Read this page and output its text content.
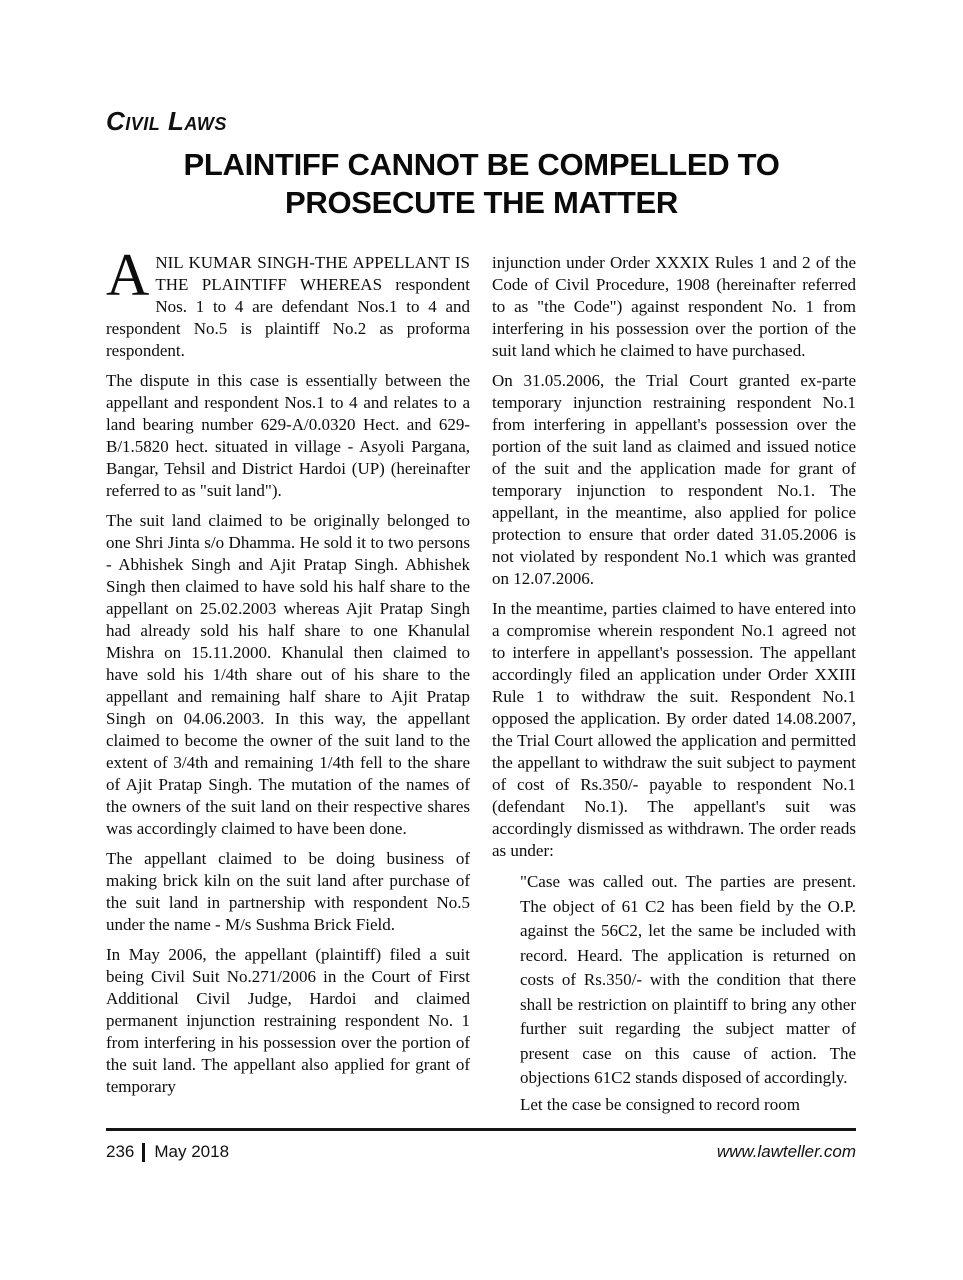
Civil Laws
PLAINTIFF CANNOT BE COMPELLED TO
PROSECUTE THE MATTER

ANIL KUMAR SINGH-THE APPELLANT IS THE PLAINTIFF WHEREAS respondent Nos. 1 to 4 are defendant Nos.1 to 4 and respondent No.5 is plaintiff No.2 as proforma respondent.

The dispute in this case is essentially between the appellant and respondent Nos.1 to 4 and relates to a land bearing number 629-A/0.0320 Hect. and 629-B/1.5820 hect. situated in village - Asyoli Pargana, Bangar, Tehsil and District Hardoi (UP) (hereinafter referred to as "suit land").

The suit land claimed to be originally belonged to one Shri Jinta s/o Dhamma. He sold it to two persons - Abhishek Singh and Ajit Pratap Singh. Abhishek Singh then claimed to have sold his half share to the appellant on 25.02.2003 whereas Ajit Pratap Singh had already sold his half share to one Khanulal Mishra on 15.11.2000. Khanulal then claimed to have sold his 1/4th share out of his share to the appellant and remaining half share to Ajit Pratap Singh on 04.06.2003. In this way, the appellant claimed to become the owner of the suit land to the extent of 3/4th and remaining 1/4th fell to the share of Ajit Pratap Singh. The mutation of the names of the owners of the suit land on their respective shares was accordingly claimed to have been done.

The appellant claimed to be doing business of making brick kiln on the suit land after purchase of the suit land in partnership with respondent No.5 under the name - M/s Sushma Brick Field.

In May 2006, the appellant (plaintiff) filed a suit being Civil Suit No.271/2006 in the Court of First Additional Civil Judge, Hardoi and claimed permanent injunction restraining respondent No. 1 from interfering in his possession over the portion of the suit land. The appellant also applied for grant of temporary

injunction under Order XXXIX Rules 1 and 2 of the Code of Civil Procedure, 1908 (hereinafter referred to as "the Code") against respondent No. 1 from interfering in his possession over the portion of the suit land which he claimed to have purchased.

On 31.05.2006, the Trial Court granted ex-parte temporary injunction restraining respondent No.1 from interfering in appellant's possession over the portion of the suit land as claimed and issued notice of the suit and the application made for grant of temporary injunction to respondent No.1. The appellant, in the meantime, also applied for police protection to ensure that order dated 31.05.2006 is not violated by respondent No.1 which was granted on 12.07.2006.

In the meantime, parties claimed to have entered into a compromise wherein respondent No.1 agreed not to interfere in appellant's possession. The appellant accordingly filed an application under Order XXIII Rule 1 to withdraw the suit. Respondent No.1 opposed the application. By order dated 14.08.2007, the Trial Court allowed the application and permitted the appellant to withdraw the suit subject to payment of cost of Rs.350/- payable to respondent No.1 (defendant No.1). The appellant's suit was accordingly dismissed as withdrawn. The order reads as under:

"Case was called out. The parties are present. The object of 61 C2 has been field by the O.P. against the 56C2, let the same be included with record. Heard. The application is returned on costs of Rs.350/- with the condition that there shall be restriction on plaintiff to bring any other further suit regarding the subject matter of present case on this cause of action. The objections 61C2 stands disposed of accordingly.

Let the case be consigned to record room

236 May 2018	www.lawteller.com
